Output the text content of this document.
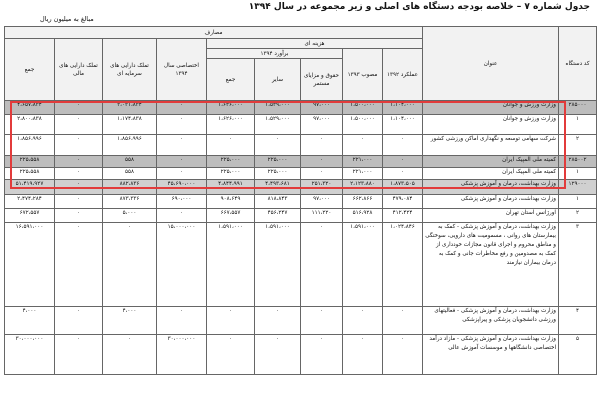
جدول شماره ۷ – خلاصه بودجه دستگاه های اصلی و زیر مجموعه در سال ۱۳۹۴
مبالغ به میلیون ریال
کد دستگاه	عنوان	مصارف								
		هزینه ای					اختصاصی سال ۱۳۹۴	تملک دارایی های سرمایه ای	تملک دارایی های مالی	جمع
		عملکرد ۱۳۹۲	مصوب ۱۳۹۳	برآورد ۱۳۹۴						
				حقوق و مزایای مستمر	سایر	جمع				
۲۸۵۰۰۰	وزارت ورزش و جوانان	۱،۱۰۴،۰۰۰	۱،۵۰۰،۰۰۰	۹۷،۰۰۰	۱،۵۲۹،۰۰۰	۱،۶۲۶،۰۰۰	۰	۳،۰۳۱،۸۳۴	۰	۴،۶۵۷،۸۳۴
۱	وزارت ورزش و جوانان	۱،۱۰۴،۰۰۰	۱،۵۰۰،۰۰۰	۹۷،۰۰۰	۱،۵۲۹،۰۰۰	۱،۶۲۶،۰۰۰	۰	۱،۱۷۴،۸۳۸	۰	۲،۸۰۰،۸۳۸
۲	شرکت سهامی توسعه و نگهداری اماکن ورزشی کشور	۰	۰	۰	۰	۰	۰	۱،۸۵۶،۹۹۶	۰	۱،۸۵۶،۹۹۶
۲۸۵۰۰۲	کمیته ملی المپیک ایران	۰	۲۲۱،۰۰۰	۰	۲۲۵،۰۰۰	۲۲۵،۰۰۰	۰	۵۵۸	۰	۲۲۵،۵۵۸
۱	کمیته ملی المپیک ایران	۰	۲۲۱،۰۰۰	۰	۲۲۵،۰۰۰	۲۲۵،۰۰۰	۰	۵۵۸	۰	۲۲۵،۵۵۸
۱۲۹۰۰۰	وزارت بهداشت، درمان و آموزش پزشکی	۱،۸۷۳،۵۰۵	۲،۱۲۳،۸۸۰	۲۵۱،۳۲۰	۴،۴۹۳،۶۸۱	۴،۸۴۴،۹۹۱	۴۵،۶۹۰،۰۰۰	۸۸۲،۸۳۶	۰	۵۱،۴۱۹،۹۲۷
۱	وزارت بهداشت، درمان و آموزش پزشکی	۴۷۹،۰۸۴	۶۶۲،۸۶۶	۹۷،۰۰۰	۸۱۸،۸۴۳	۹۰۸،۶۴۹	۶۹۰،۰۰۰	۸۷۳،۳۳۶	۰	۲،۴۷۴،۲۸۴
۲	اورژانس استان تهران	۴۱۲،۴۲۴	۵۱۶،۹۲۸	۱۱۱،۲۲۰	۴۵۶،۲۴۷	۶۶۷،۵۵۷	۰	۵،۰۰۰	۰	۶۷۲،۵۵۷
۳	وزارت بهداشت، درمان و آموزش پزشکی - کمک به بیمارستان های روانی ، مسمومیت های دارویی، سوختگی و مناطق محروم و اجرای قانون مجازات خودداری از کمک به مصدومین و رفع مخاطرات جانی و کمک به درمان بیماران نیازمند	۱،۰۲۴،۸۴۶	۱،۵۹۱،۰۰۰	۰	۱،۵۹۱،۰۰۰	۱،۵۹۱،۰۰۰	۱۵،۰۰۰،۰۰۰	۰	۰	۱۶،۵۹۱،۰۰۰
۴	وزارت بهداشت، درمان و آموزش پزشکی - فعالیتهای ورزشی دانشجویان پزشکی و پیراپزشکی	۰	۰	۰	۰	۰	۰	۴،۰۰۰	۰	۴،۰۰۰
۵	وزارت بهداشت، درمان و آموزش پزشکی - مازاد درآمد اختصاصی دانشگاهها و موسسات آموزش عالی	۰	۰	۰	۰	۰	۳۰،۰۰۰،۰۰۰	۰	۰	۳۰،۰۰۰،۰۰۰
